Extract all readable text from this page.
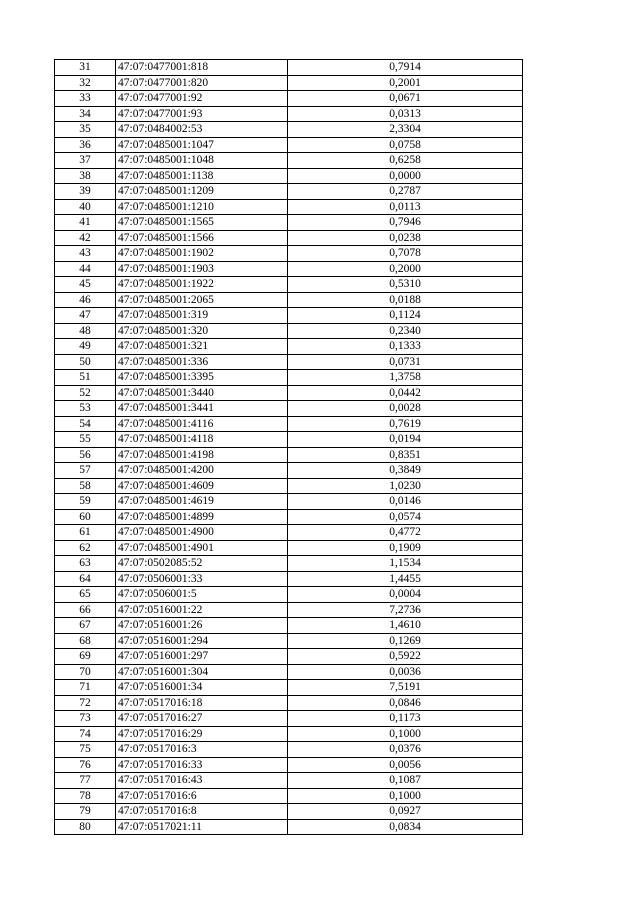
31	47:07:0477001:818	0,7914
32	47:07:0477001:820	0,2001
33	47:07:0477001:92	0,0671
34	47:07:0477001:93	0,0313
35	47:07:0484002:53	2,3304
36	47:07:0485001:1047	0,0758
37	47:07:0485001:1048	0,6258
38	47:07:0485001:1138	0,0000
39	47:07:0485001:1209	0,2787
40	47:07:0485001:1210	0,0113
41	47:07:0485001:1565	0,7946
42	47:07:0485001:1566	0,0238
43	47:07:0485001:1902	0,7078
44	47:07:0485001:1903	0,2000
45	47:07:0485001:1922	0,5310
46	47:07:0485001:2065	0,0188
47	47:07:0485001:319	0,1124
48	47:07:0485001:320	0,2340
49	47:07:0485001:321	0,1333
50	47:07:0485001:336	0,0731
51	47:07:0485001:3395	1,3758
52	47:07:0485001:3440	0,0442
53	47:07:0485001:3441	0,0028
54	47:07:0485001:4116	0,7619
55	47:07:0485001:4118	0,0194
56	47:07:0485001:4198	0,8351
57	47:07:0485001:4200	0,3849
58	47:07:0485001:4609	1,0230
59	47:07:0485001:4619	0,0146
60	47:07:0485001:4899	0,0574
61	47:07:0485001:4900	0,4772
62	47:07:0485001:4901	0,1909
63	47:07:0502085:52	1,1534
64	47:07:0506001:33	1,4455
65	47:07:0506001:5	0,0004
66	47:07:0516001:22	7,2736
67	47:07:0516001:26	1,4610
68	47:07:0516001:294	0,1269
69	47:07:0516001:297	0,5922
70	47:07:0516001:304	0,0036
71	47:07:0516001:34	7,5191
72	47:07:0517016:18	0,0846
73	47:07:0517016:27	0,1173
74	47:07:0517016:29	0,1000
75	47:07:0517016:3	0,0376
76	47:07:0517016:33	0,0056
77	47:07:0517016:43	0,1087
78	47:07:0517016:6	0,1000
79	47:07:0517016:8	0,0927
80	47:07:0517021:11	0,0834
